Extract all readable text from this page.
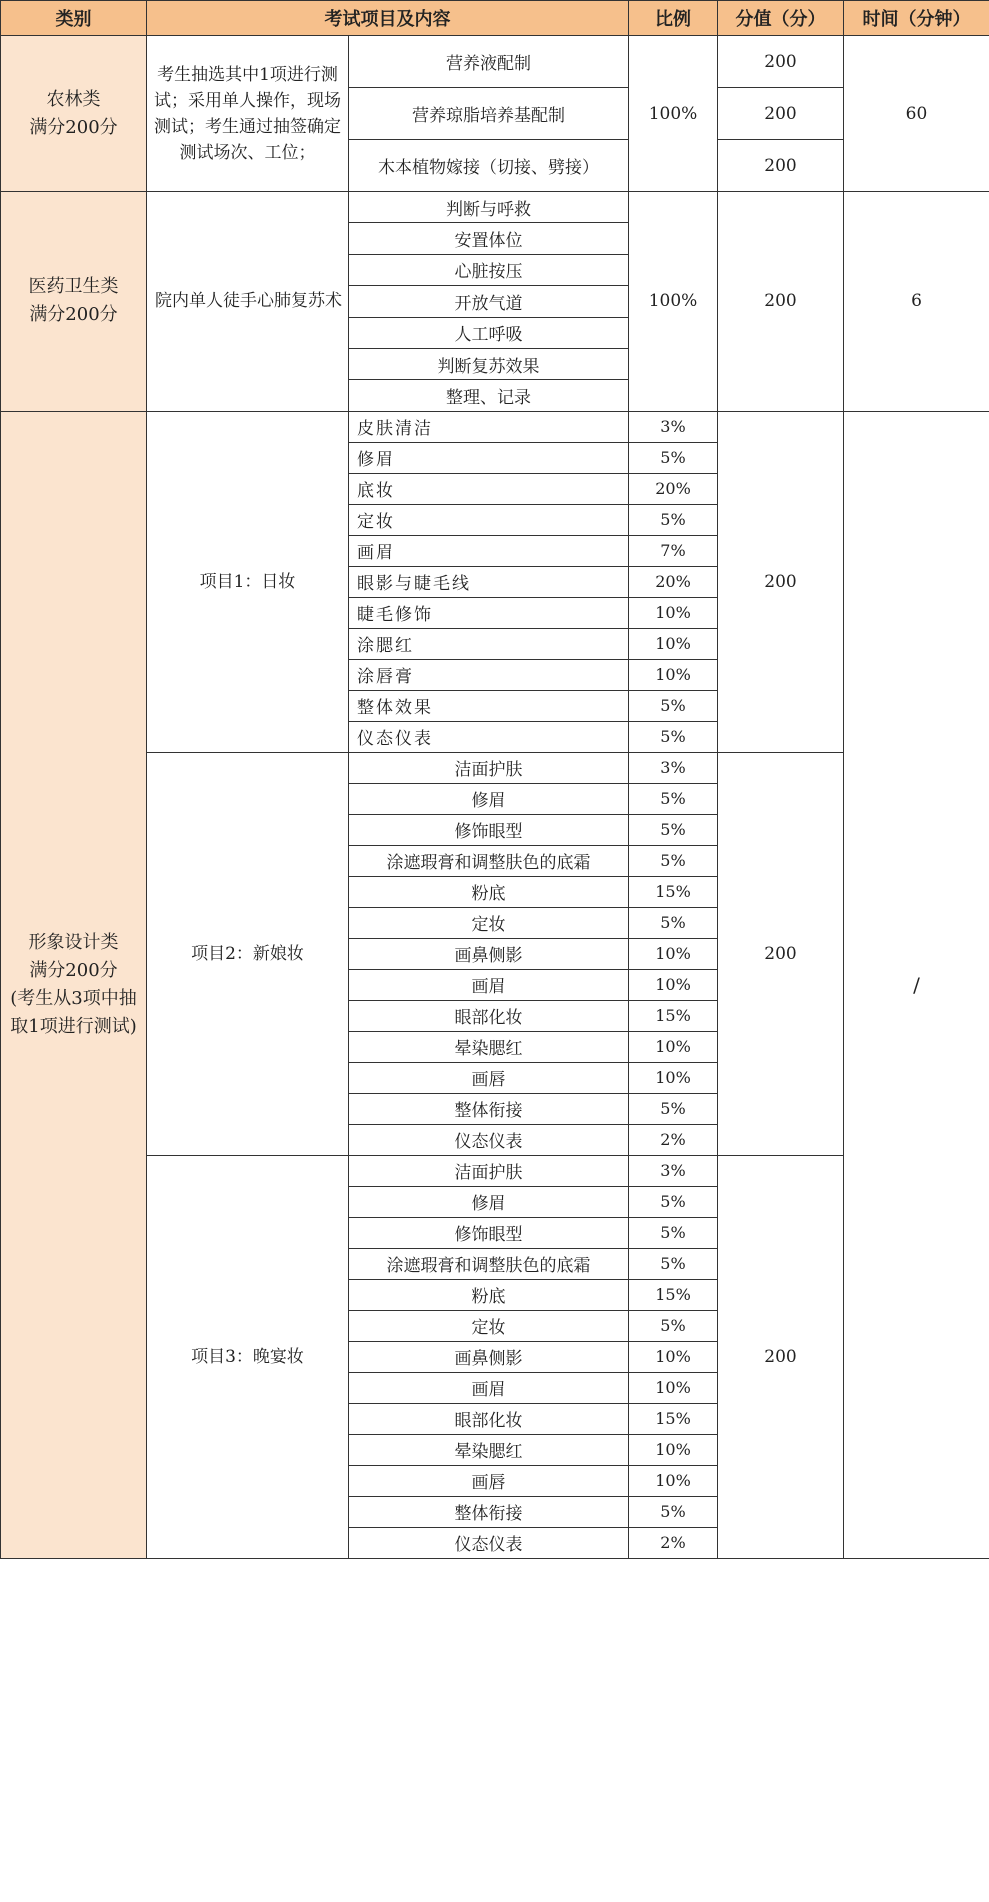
类别	考试项目及内容		比例	分值（分）	时间（分钟）
农林类
满分200分	考生抽选其中1项进行测试；采用单人操作，现场测试；考生通过抽签确定测试场次、工位；	营养液配制	100%	200	60
		营养琼脂培养基配制		200	
		木本植物嫁接（切接、劈接）		200	
医药卫生类
满分200分	院内单人徒手心肺复苏术	判断与呼救	100%	200	6
		安置体位			
		心脏按压			
		开放气道			
		人工呼吸			
		判断复苏效果			
		整理、记录			
形象设计类
满分200分
(考生从3项中抽取1项进行测试)	项目1：日妆	皮肤清洁	3%	200	/
		修眉	5%		
		底妆	20%		
		定妆	5%		
		画眉	7%		
		眼影与睫毛线	20%		
		睫毛修饰	10%		
		涂腮红	10%		
		涂唇膏	10%		
		整体效果	5%		
		仪态仪表	5%		
	项目2：新娘妆	洁面护肤	3%	200	
		修眉	5%		
		修饰眼型	5%		
		涂遮瑕膏和调整肤色的底霜	5%		
		粉底	15%		
		定妆	5%		
		画鼻侧影	10%		
		画眉	10%		
		眼部化妆	15%		
		晕染腮红	10%		
		画唇	10%		
		整体衔接	5%		
		仪态仪表	2%		
	项目3：晚宴妆	洁面护肤	3%	200	
		修眉	5%		
		修饰眼型	5%		
		涂遮瑕膏和调整肤色的底霜	5%		
		粉底	15%		
		定妆	5%		
		画鼻侧影	10%		
		画眉	10%		
		眼部化妆	15%		
		晕染腮红	10%		
		画唇	10%		
		整体衔接	5%		
		仪态仪表	2%		
